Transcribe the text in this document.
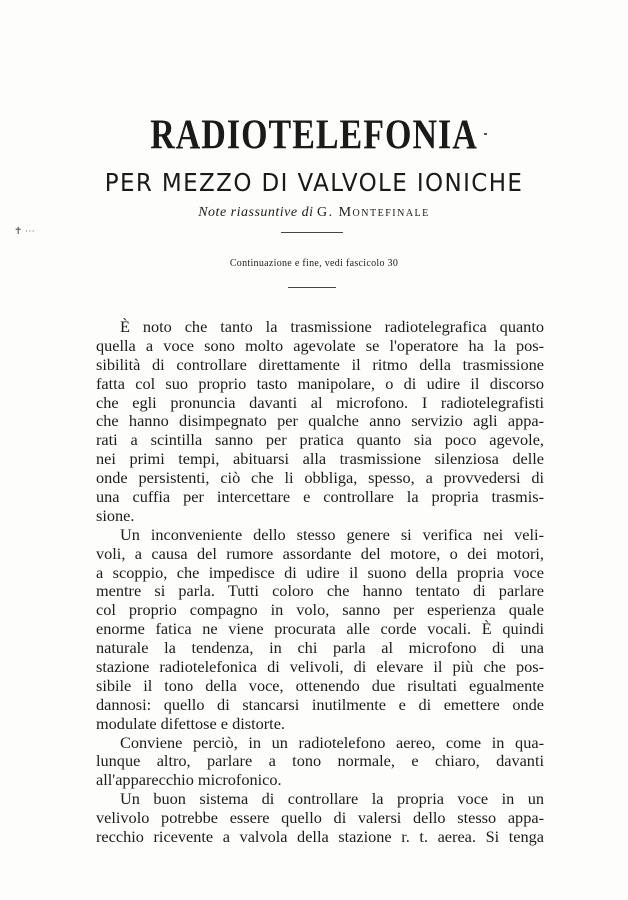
RADIOTELEFONIA
PER MEZZO DI VALVOLE IONICHE
Note riassuntive di G. Montefinale
✝ ⋯
Continuazione e fine, vedi fascicolo 30
È noto che tanto la trasmissione radiotelegrafica quanto
quella a voce sono molto agevolate se l'operatore ha la pos-
sibilità di controllare direttamente il ritmo della trasmissione
fatta col suo proprio tasto manipolare, o di udire il discorso
che egli pronuncia davanti al microfono. I radiotelegrafisti
che hanno disimpegnato per qualche anno servizio agli appa-
rati a scintilla sanno per pratica quanto sia poco agevole,
nei primi tempi, abituarsi alla trasmissione silenziosa delle
onde persistenti, ciò che li obbliga, spesso, a provvedersi di
una cuffia per intercettare e controllare la propria trasmis-
sione.
Un inconveniente dello stesso genere si verifica nei veli-
voli, a causa del rumore assordante del motore, o dei motori,
a scoppio, che impedisce di udire il suono della propria voce
mentre si parla. Tutti coloro che hanno tentato di parlare
col proprio compagno in volo, sanno per esperienza quale
enorme fatica ne viene procurata alle corde vocali. È quindi
naturale la tendenza, in chi parla al microfono di una
stazione radiotelefonica di velivoli, di elevare il più che pos-
sibile il tono della voce, ottenendo due risultati egualmente
dannosi: quello di stancarsi inutilmente e di emettere onde
modulate difettose e distorte.
Conviene perciò, in un radiotelefono aereo, come in qua-
lunque altro, parlare a tono normale, e chiaro, davanti
all'apparecchio microfonico.
Un buon sistema di controllare la propria voce in un
velivolo potrebbe essere quello di valersi dello stesso appa-
recchio ricevente a valvola della stazione r. t. aerea. Si tenga
